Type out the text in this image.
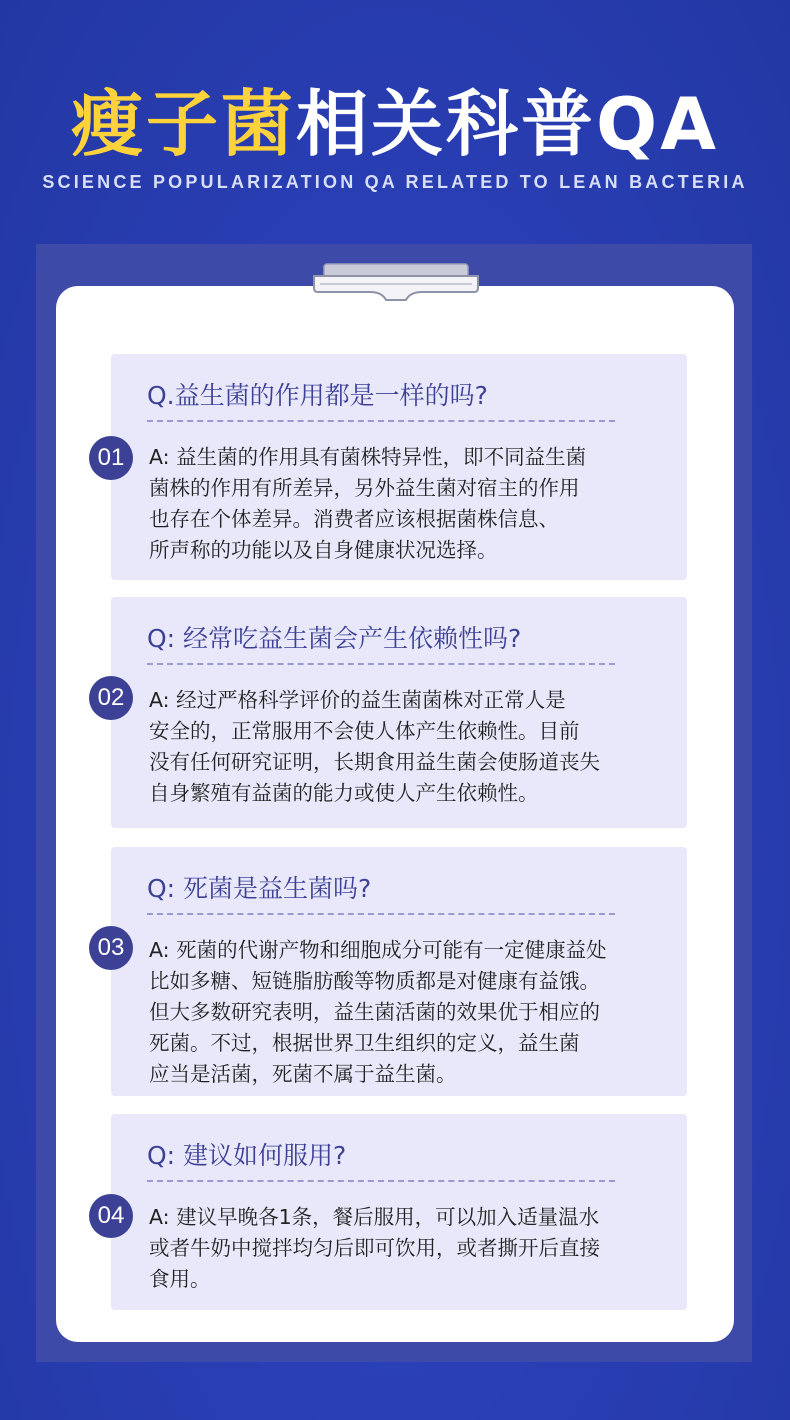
瘦子菌相关科普QA
SCIENCE POPULARIZATION QA RELATED TO LEAN BACTERIA
01
Q.益生菌的作用都是一样的吗?
A: 益生菌的作用具有菌株特异性，即不同益生菌
菌株的作用有所差异，另外益生菌对宿主的作用
也存在个体差异。消费者应该根据菌株信息、
所声称的功能以及自身健康状况选择。
02
Q: 经常吃益生菌会产生依赖性吗?
A: 经过严格科学评价的益生菌菌株对正常人是
安全的，正常服用不会使人体产生依赖性。目前
没有任何研究证明，长期食用益生菌会使肠道丧失
自身繁殖有益菌的能力或使人产生依赖性。
03
Q: 死菌是益生菌吗?
A: 死菌的代谢产物和细胞成分可能有一定健康益处
比如多糖、短链脂肪酸等物质都是对健康有益饿。
但大多数研究表明，益生菌活菌的效果优于相应的
死菌。不过，根据世界卫生组织的定义，益生菌
应当是活菌，死菌不属于益生菌。
04
Q: 建议如何服用?
A: 建议早晚各1条，餐后服用，可以加入适量温水
或者牛奶中搅拌均匀后即可饮用，或者撕开后直接
食用。
